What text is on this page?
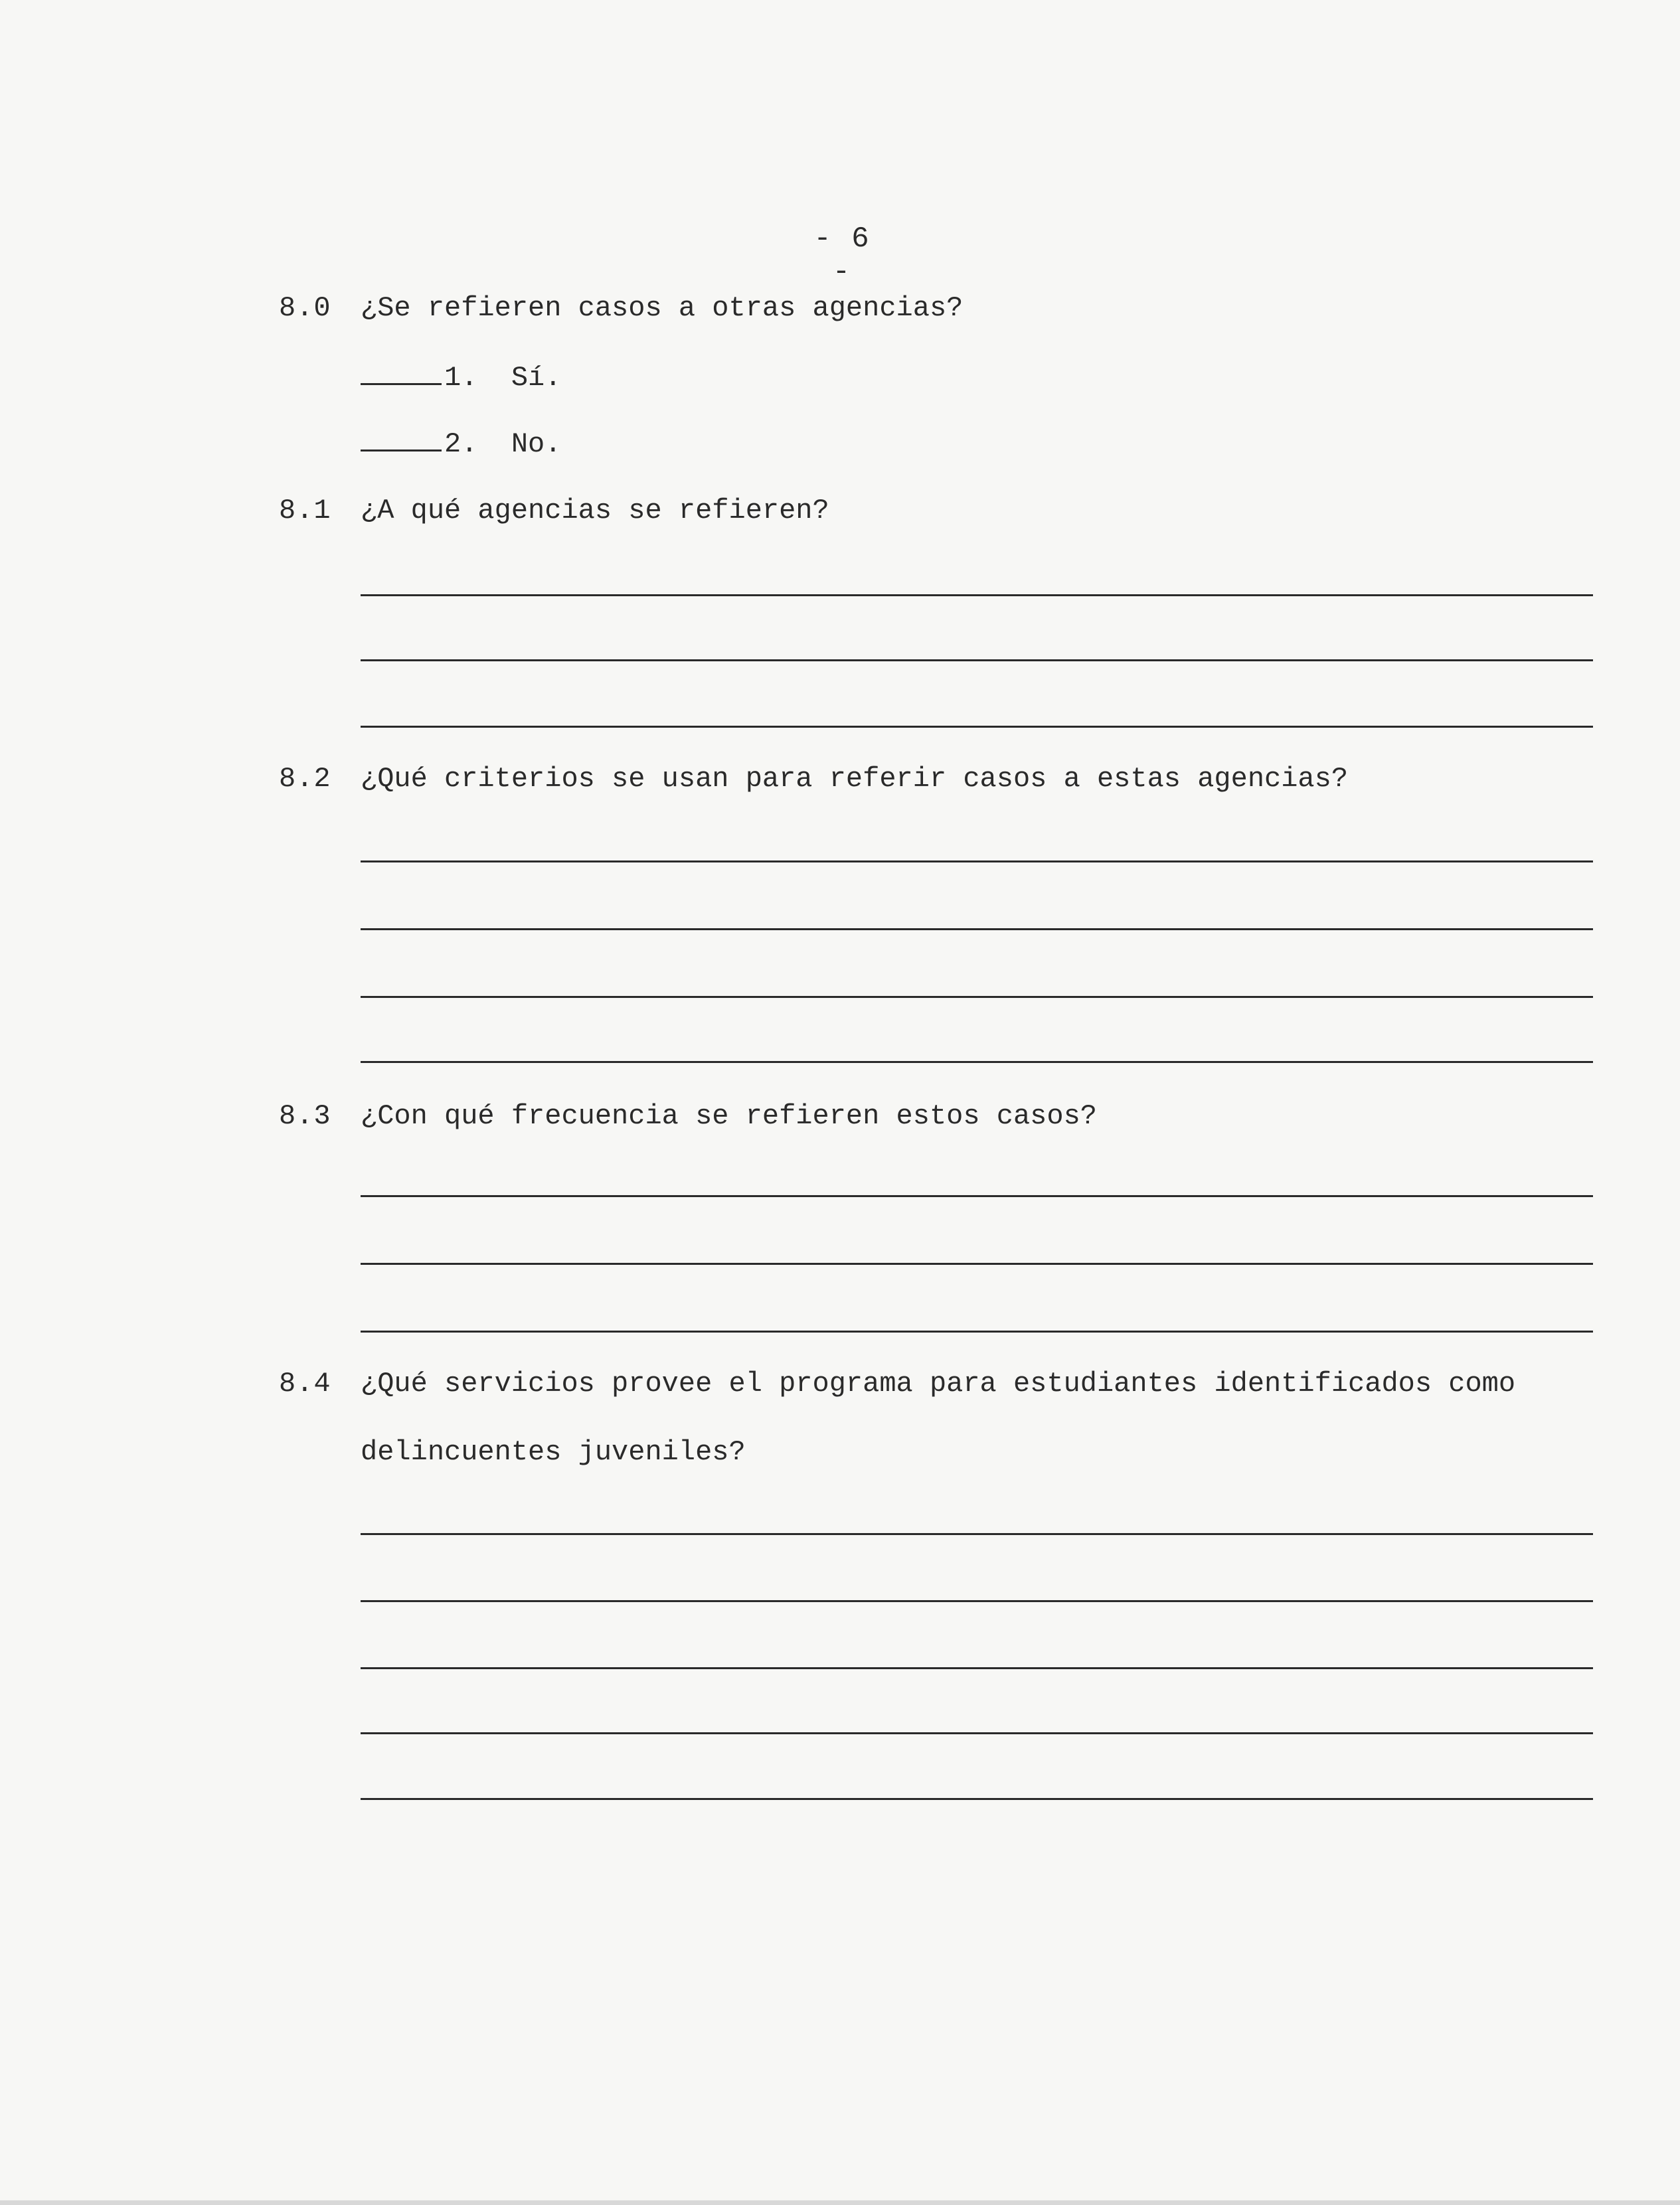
- 6 -
8.0 ¿Se refieren casos a otras agencias?
1. Sí.
2. No.
8.1 ¿A qué agencias se refieren?
8.2 ¿Qué criterios se usan para referir casos a estas agencias?
8.3 ¿Con qué frecuencia se refieren estos casos?
8.4 ¿Qué servicios provee el programa para estudiantes identificados como
delincuentes juveniles?
